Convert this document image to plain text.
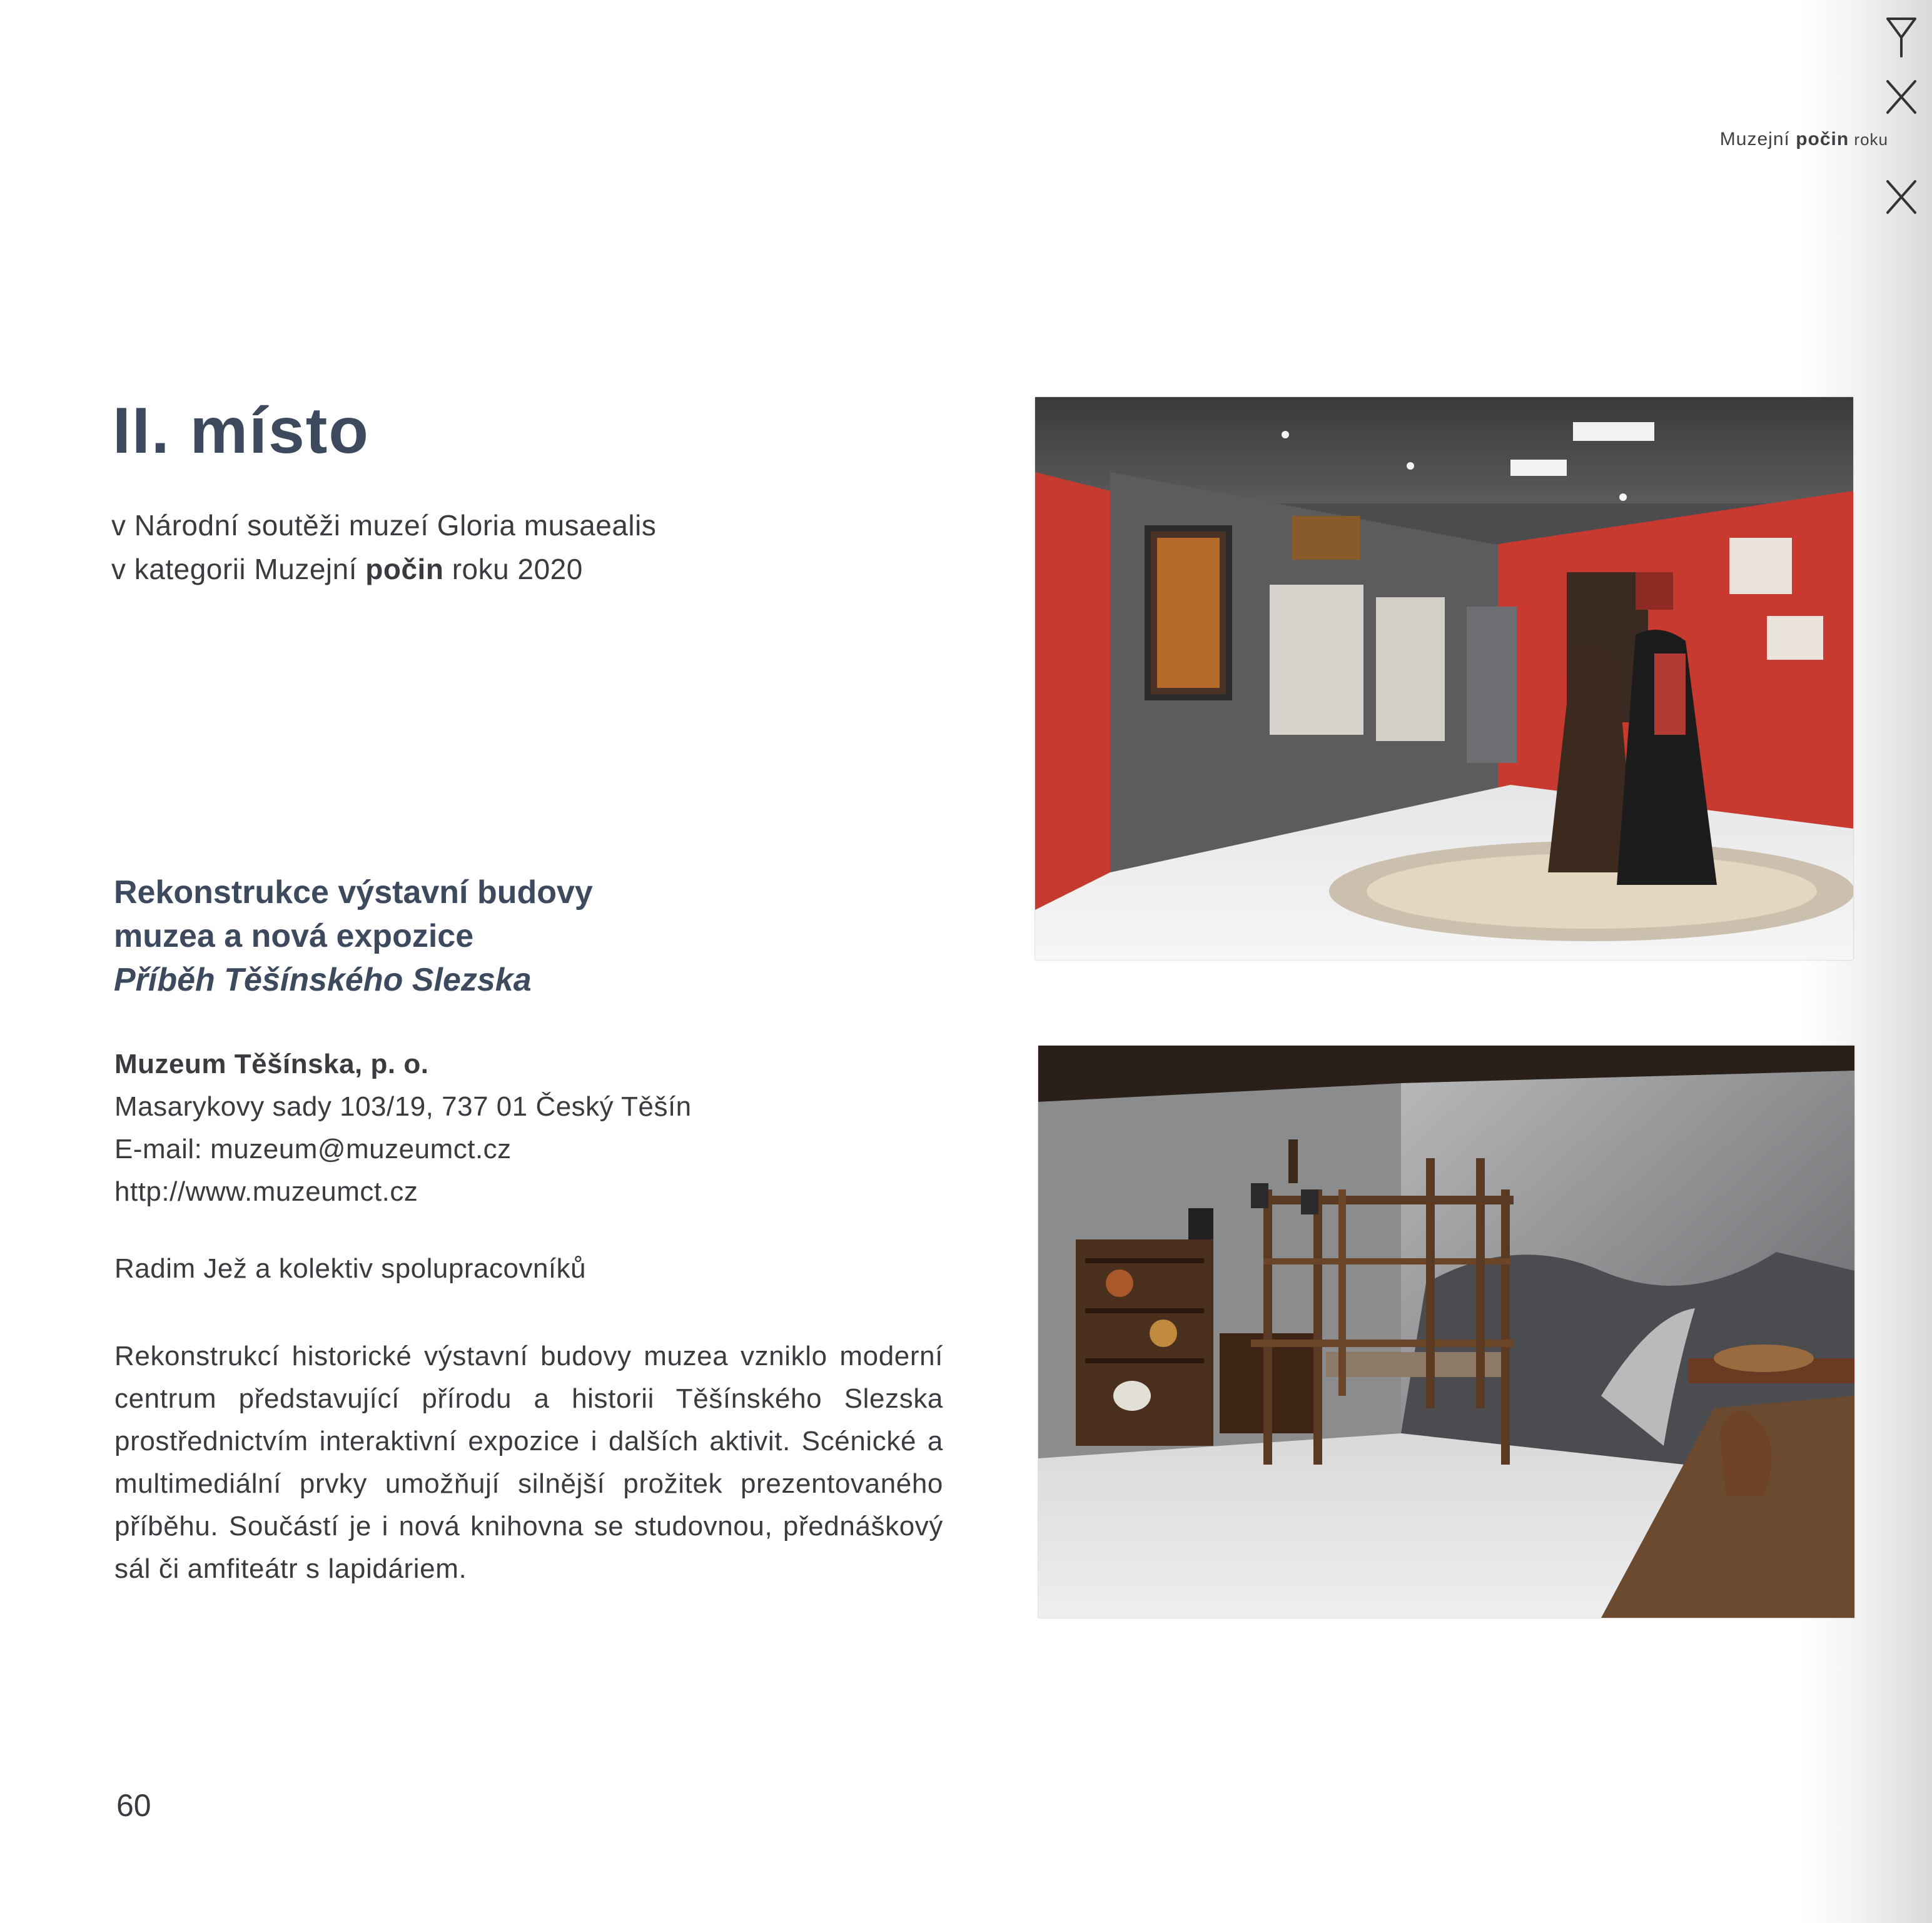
Muzejní počin roku
II. místo
v Národní soutěži muzeí Gloria musaealis
v kategorii Muzejní počin roku 2020
Rekonstrukce výstavní budovy
muzea a nová expozice
Příběh Těšínského Slezska
Muzeum Těšínska, p. o.
Masarykovy sady 103/19, 737 01 Český Těšín
E-mail: muzeum@muzeumct.cz
http://www.muzeumct.cz
Radim Jež a kolektiv spolupracovníků

Rekonstrukcí historické výstavní budovy muzea vzniklo moderní centrum představující přírodu a historii Těšínského Slezska prostřednictvím interaktivní expozice i dalších aktivit. Scénické a multimediální prvky umožňují silnější prožitek prezentovaného příběhu. Součástí je i nová knihovna se studovnou, přednáškový sál či amfiteátr s lapidáriem.

60
